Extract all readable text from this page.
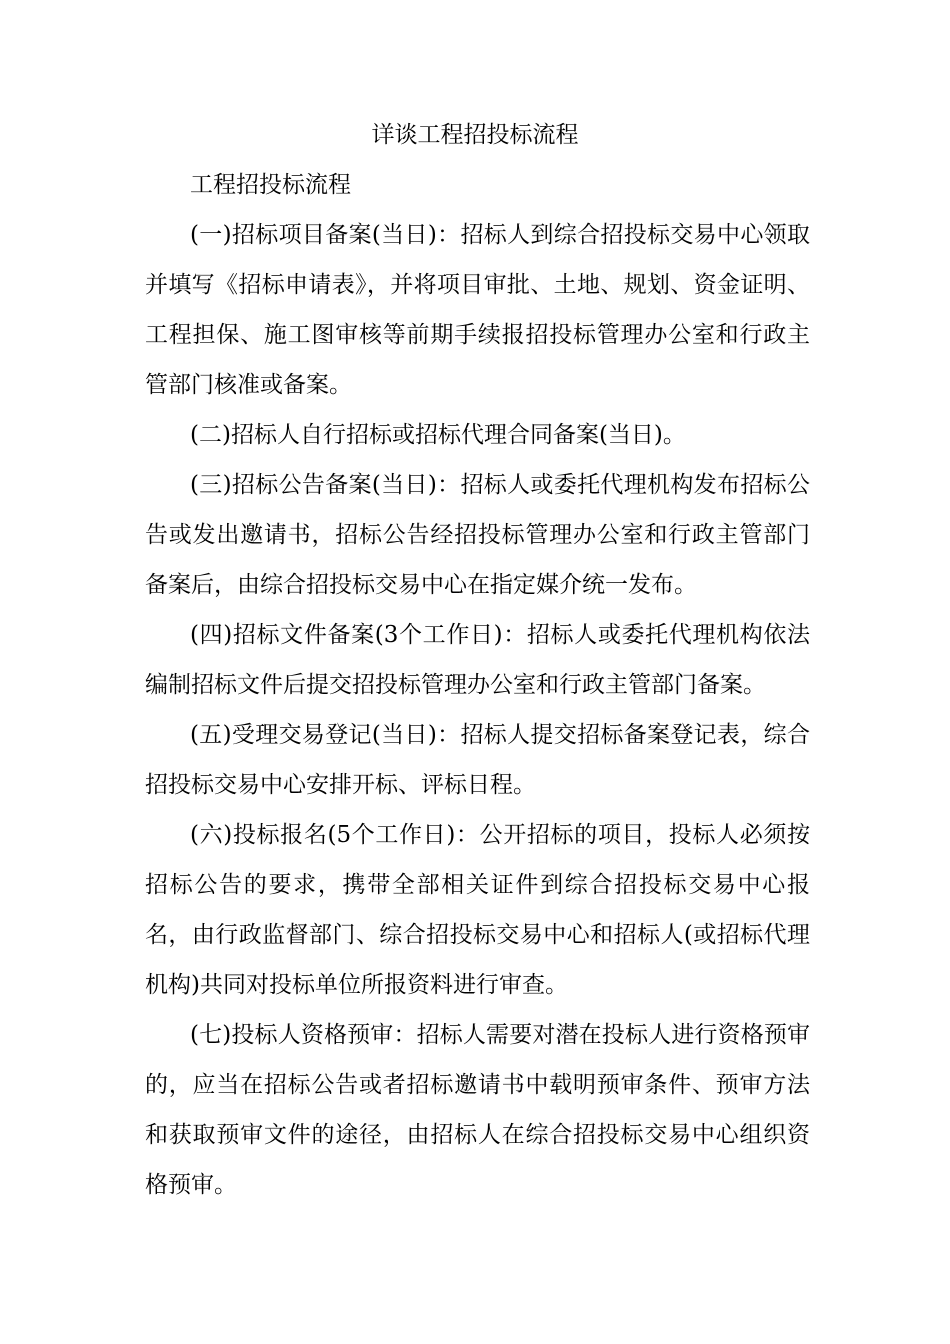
详谈工程招投标流程

工程招投标流程

(一)招标项目备案(当日)：招标人到综合招投标交易中心领取并填写《招标申请表》，并将项目审批、土地、规划、资金证明、工程担保、施工图审核等前期手续报招投标管理办公室和行政主管部门核准或备案。

(二)招标人自行招标或招标代理合同备案(当日)。

(三)招标公告备案(当日)：招标人或委托代理机构发布招标公告或发出邀请书，招标公告经招投标管理办公室和行政主管部门备案后，由综合招投标交易中心在指定媒介统一发布。

(四)招标文件备案(3个工作日)：招标人或委托代理机构依法编制招标文件后提交招投标管理办公室和行政主管部门备案。

(五)受理交易登记(当日)：招标人提交招标备案登记表，综合招投标交易中心安排开标、评标日程。

(六)投标报名(5个工作日)：公开招标的项目，投标人必须按招标公告的要求，携带全部相关证件到综合招投标交易中心报名，由行政监督部门、综合招投标交易中心和招标人(或招标代理机构)共同对投标单位所报资料进行审查。

(七)投标人资格预审：招标人需要对潜在投标人进行资格预审的，应当在招标公告或者招标邀请书中载明预审条件、预审方法和获取预审文件的途径，由招标人在综合招投标交易中心组织资格预审。
